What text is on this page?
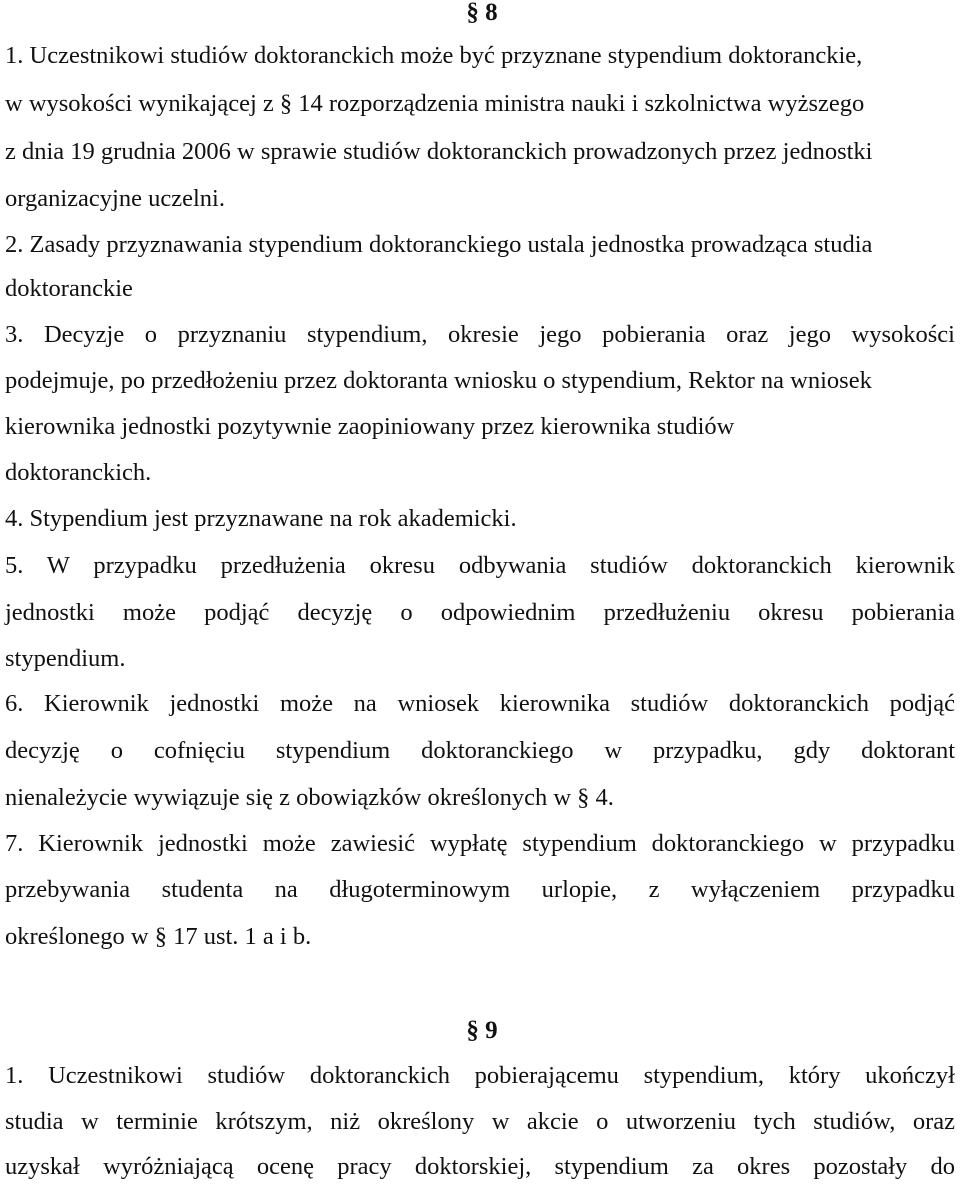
§ 8

1. Uczestnikowi studiów doktoranckich może być przyznane stypendium doktoranckie,

w wysokości wynikającej z § 14 rozporządzenia ministra nauki i szkolnictwa wyższego

z dnia 19 grudnia 2006 w sprawie studiów doktoranckich prowadzonych przez jednostki

organizacyjne uczelni.

2. Zasady przyznawania stypendium doktoranckiego ustala jednostka prowadząca studia

doktoranckie

3. Decyzje o przyznaniu stypendium, okresie jego pobierania oraz jego wysokości

podejmuje, po przedłożeniu przez doktoranta wniosku o stypendium, Rektor na wniosek

kierownika jednostki pozytywnie zaopiniowany przez kierownika studiów

doktoranckich.

4. Stypendium jest przyznawane na rok akademicki.

5. W przypadku przedłużenia okresu odbywania studiów doktoranckich kierownik

jednostki może podjąć decyzję o odpowiednim przedłużeniu okresu pobierania

stypendium.

6. Kierownik jednostki może na wniosek kierownika studiów doktoranckich podjąć

decyzję o cofnięciu stypendium doktoranckiego w przypadku, gdy doktorant

nienależycie wywiązuje się z obowiązków określonych w § 4.

7. Kierownik jednostki może zawiesić wypłatę stypendium doktoranckiego w przypadku

przebywania studenta na długoterminowym urlopie, z wyłączeniem przypadku

określonego w § 17 ust. 1 a i b.

§ 9

1. Uczestnikowi studiów doktoranckich pobierającemu stypendium, który ukończył

studia w terminie krótszym, niż określony w akcie o utworzeniu tych studiów, oraz

uzyskał wyróżniającą ocenę pracy doktorskiej, stypendium za okres pozostały do
